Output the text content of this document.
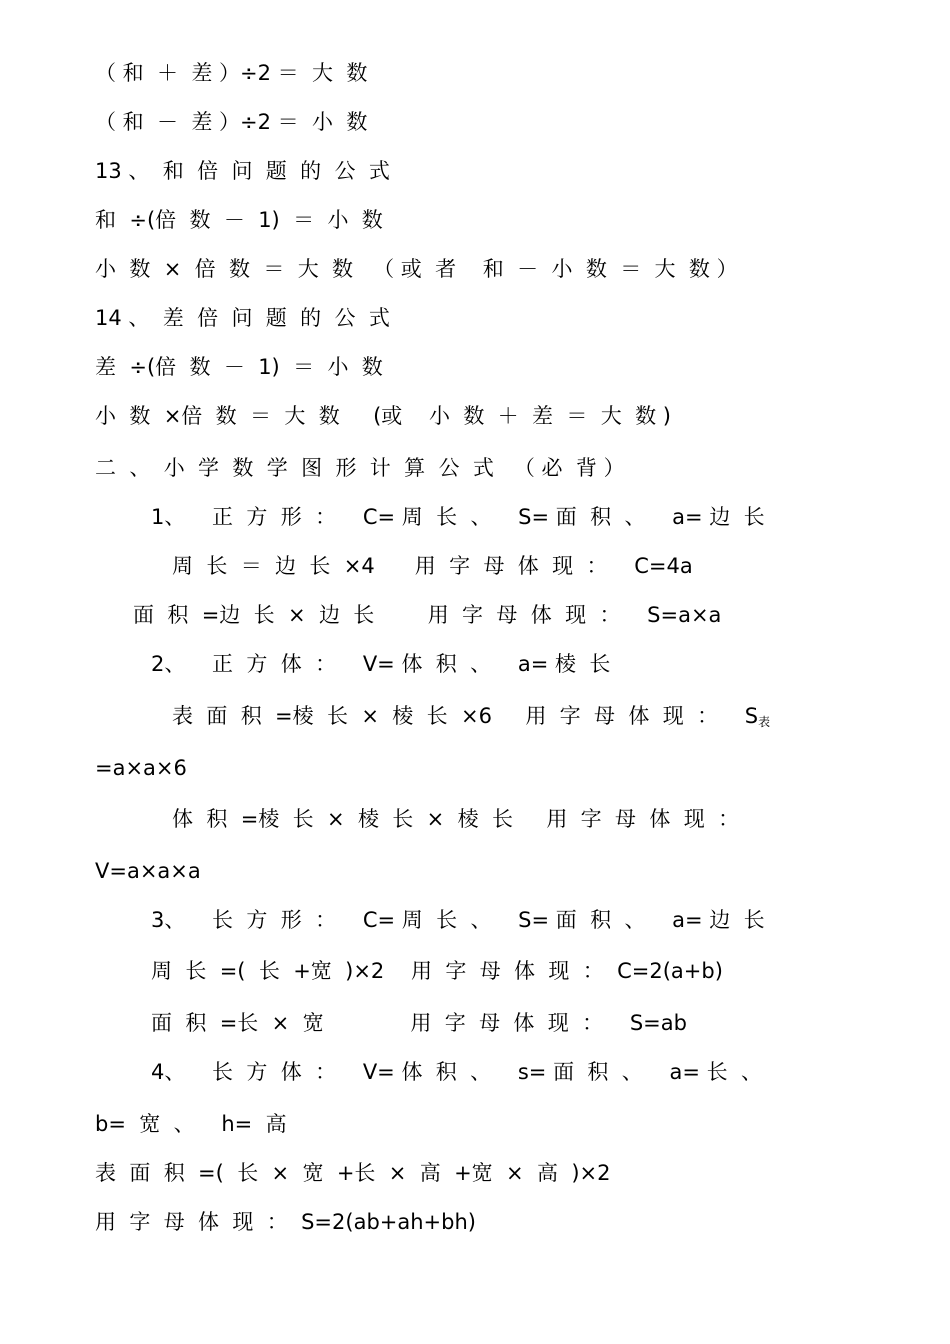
（ 和  ＋  差 ）÷2 ＝  大  数
（ 和  －  差 ）÷2 ＝  小  数
13 、  和  倍  问  题  的  公  式
和  ÷(倍  数  －  1)  ＝  小  数
小  数  ×  倍  数  ＝  大  数   （ 或  者    和  －  小  数  ＝  大  数 ）
14 、  差  倍  问  题  的  公  式
差  ÷(倍  数  －  1)  ＝  小  数
小  数  ×倍  数  ＝  大  数     (或    小  数  ＋  差  ＝  大  数 )
二  、  小  学  数  学  图  形  计  算  公  式   （ 必  背 ）
1、    正  方  形  ：    C= 周  长  、    S= 面  积  、    a= 边  长
周  长  ＝  边  长  ×4      用  字  母  体  现  ：    C=4a
面  积  =边  长  ×  边  长        用  字  母  体  现  ：    S=a×a
2、    正  方  体  ：    V= 体  积  、    a= 棱  长
表  面  积  =棱  长  ×  棱  长  ×6     用  字  母  体  现  ：    S表
=a×a×6
体  积  =棱  长  ×  棱  长  ×  棱  长     用  字  母  体  现  ：
V=a×a×a
3、    长  方  形  ：    C= 周  长  、    S= 面  积  、    a= 边  长
周  长  =(  长  +宽  )×2    用  字  母  体  现  ：  C=2(a+b)
面  积  =长  ×  宽             用  字  母  体  现  ：    S=ab
4、    长  方  体  ：    V= 体  积  、    s= 面  积  、    a= 长  、
b=  宽  、    h=  高
表  面  积  =(  长  ×  宽  +长  ×  高  +宽  ×  高  )×2
用  字  母  体  现  ：  S=2(ab+ah+bh)
